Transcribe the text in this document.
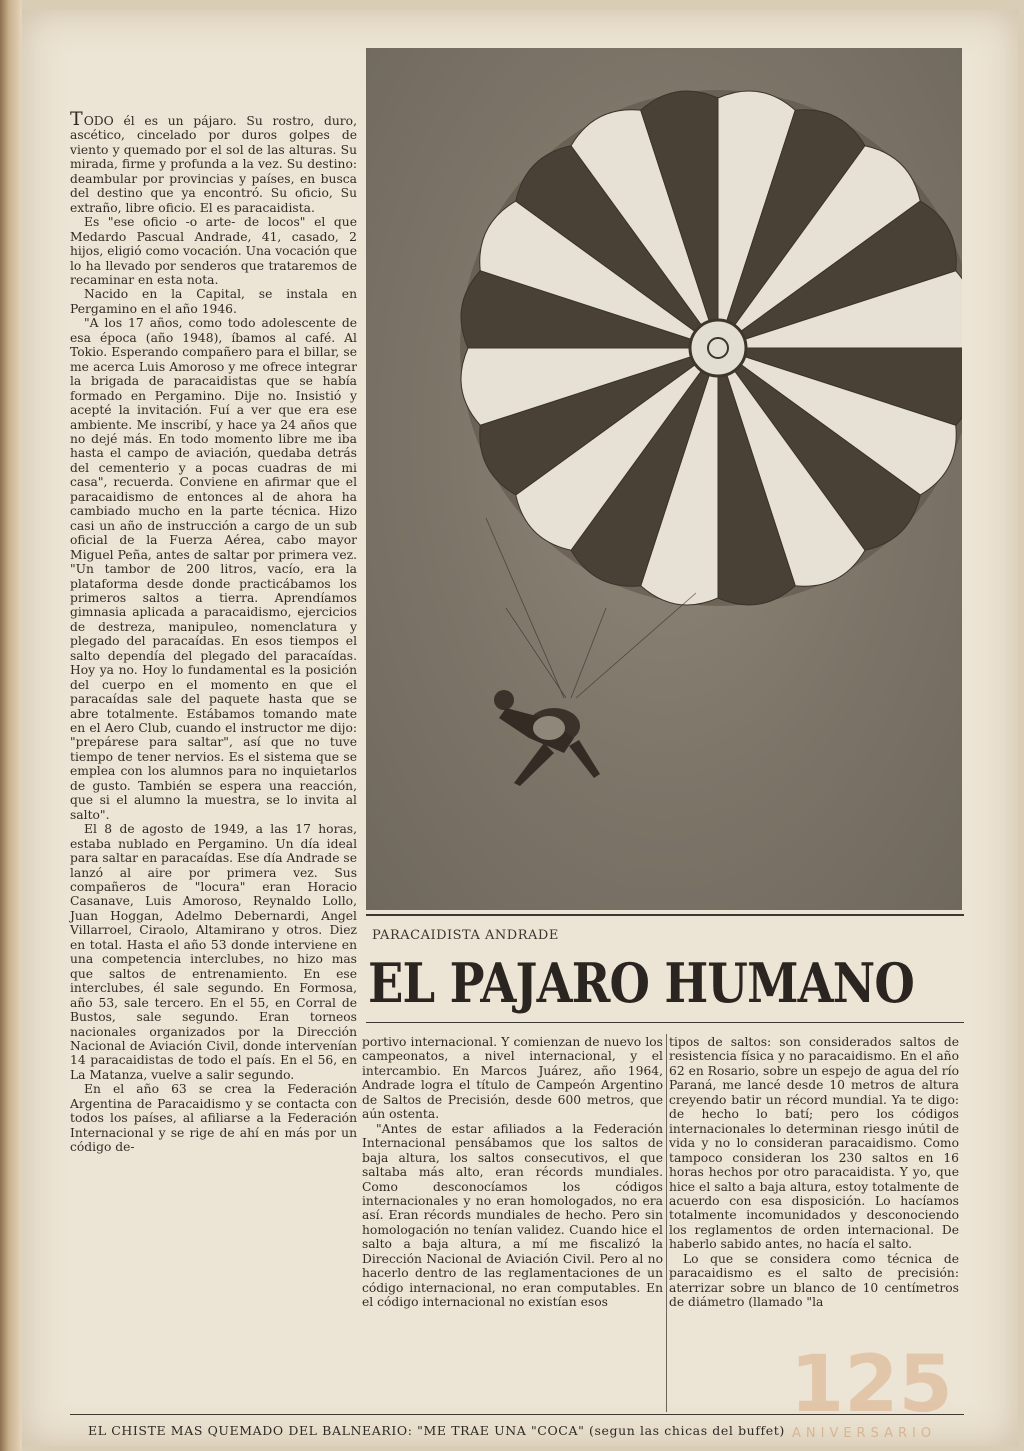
TODO él es un pájaro. Su rostro, duro, ascético, cincelado por duros golpes de viento y quemado por el sol de las alturas. Su mirada, firme y profunda a la vez. Su destino: deambular por provincias y países, en busca del destino que ya encontró. Su oficio, Su extraño, libre oficio. El es paracaidista.

Es "ese oficio -o arte- de locos" el que Medardo Pascual Andrade, 41, casado, 2 hijos, eligió como vocación. Una vocación que lo ha llevado por senderos que trataremos de recaminar en esta nota.

Nacido en la Capital, se instala en Pergamino en el año 1946.

"A los 17 años, como todo adolescente de esa época (año 1948), íbamos al café. Al Tokio. Esperando compañero para el billar, se me acerca Luis Amoroso y me ofrece integrar la brigada de paracaidistas que se había formado en Pergamino. Dije no. Insistió y acepté la invitación. Fuí a ver que era ese ambiente. Me inscribí, y hace ya 24 años que no dejé más. En todo momento libre me iba hasta el campo de aviación, quedaba detrás del cementerio y a pocas cuadras de mi casa", recuerda. Conviene en afirmar que el paracaidismo de entonces al de ahora ha cambiado mucho en la parte técnica. Hizo casi un año de instrucción a cargo de un sub oficial de la Fuerza Aérea, cabo mayor Miguel Peña, antes de saltar por primera vez. "Un tambor de 200 litros, vacío, era la plataforma desde donde practicábamos los primeros saltos a tierra. Aprendíamos gimnasia aplicada a paracaidismo, ejercicios de destreza, manipuleo, nomenclatura y plegado del paracaídas. En esos tiempos el salto dependía del plegado del paracaídas. Hoy ya no. Hoy lo fundamental es la posición del cuerpo en el momento en que el paracaídas sale del paquete hasta que se abre totalmente. Estábamos tomando mate en el Aero Club, cuando el instructor me dijo: "prepárese para saltar", así que no tuve tiempo de tener nervios. Es el sistema que se emplea con los alumnos para no inquietarlos de gusto. También se espera una reacción, que si el alumno la muestra, se lo invita al salto".

El 8 de agosto de 1949, a las 17 horas, estaba nublado en Pergamino. Un día ideal para saltar en paracaídas. Ese día Andrade se lanzó al aire por primera vez. Sus compañeros de "locura" eran Horacio Casanave, Luis Amoroso, Reynaldo Lollo, Juan Hoggan, Adelmo Debernardi, Angel Villarroel, Ciraolo, Altamirano y otros. Diez en total. Hasta el año 53 donde interviene en una competencia interclubes, no hizo mas que saltos de entrenamiento. En ese interclubes, él sale segundo. En Formosa, año 53, sale tercero. En el 55, en Corral de Bustos, sale segundo. Eran torneos nacionales organizados por la Dirección Nacional de Aviación Civil, donde intervenían 14 paracaidistas de todo el país. En el 56, en La Matanza, vuelve a salir segundo.

En el año 63 se crea la Federación Argentina de Paracaidismo y se contacta con todos los países, al afiliarse a la Federación Internacional y se rige de ahí en más por un código de-

PARACAIDISTA ANDRADE
EL PAJARO HUMANO

portivo internacional. Y comienzan de nuevo los campeonatos, a nivel internacional, y el intercambio. En Marcos Juárez, año 1964, Andrade logra el título de Campeón Argentino de Saltos de Precisión, desde 600 metros, que aún ostenta.

"Antes de estar afiliados a la Federación Internacional pensábamos que los saltos de baja altura, los saltos consecutivos, el que saltaba más alto, eran récords mundiales. Como desconocíamos los códigos internacionales y no eran homologados, no era así. Eran récords mundiales de hecho. Pero sin homologación no tenían validez. Cuando hice el salto a baja altura, a mí me fiscalizó la Dirección Nacional de Aviación Civil. Pero al no hacerlo dentro de las reglamentaciones de un código internacional, no eran computables. En el código internacional no existían esos

tipos de saltos: son considerados saltos de resistencia física y no paracaidismo. En el año 62 en Rosario, sobre un espejo de agua del río Paraná, me lancé desde 10 metros de altura creyendo batir un récord mundial. Ya te digo: de hecho lo batí; pero los códigos internacionales lo determinan riesgo inútil de vida y no lo consideran paracaidismo. Como tampoco consideran los 230 saltos en 16 horas hechos por otro paracaidista. Y yo, que hice el salto a baja altura, estoy totalmente de acuerdo con esa disposición. Lo hacíamos totalmente incomunidados y desconociendo los reglamentos de orden internacional. De haberlo sabido antes, no hacía el salto.

Lo que se considera como técnica de paracaidismo es el salto de precisión: aterrizar sobre un blanco de 10 centímetros de diámetro (llamado "la

EL CHISTE MAS QUEMADO DEL BALNEARIO: "ME TRAE UNA "COCA" (segun las chicas del buffet)
125
ANIVERSARIO
